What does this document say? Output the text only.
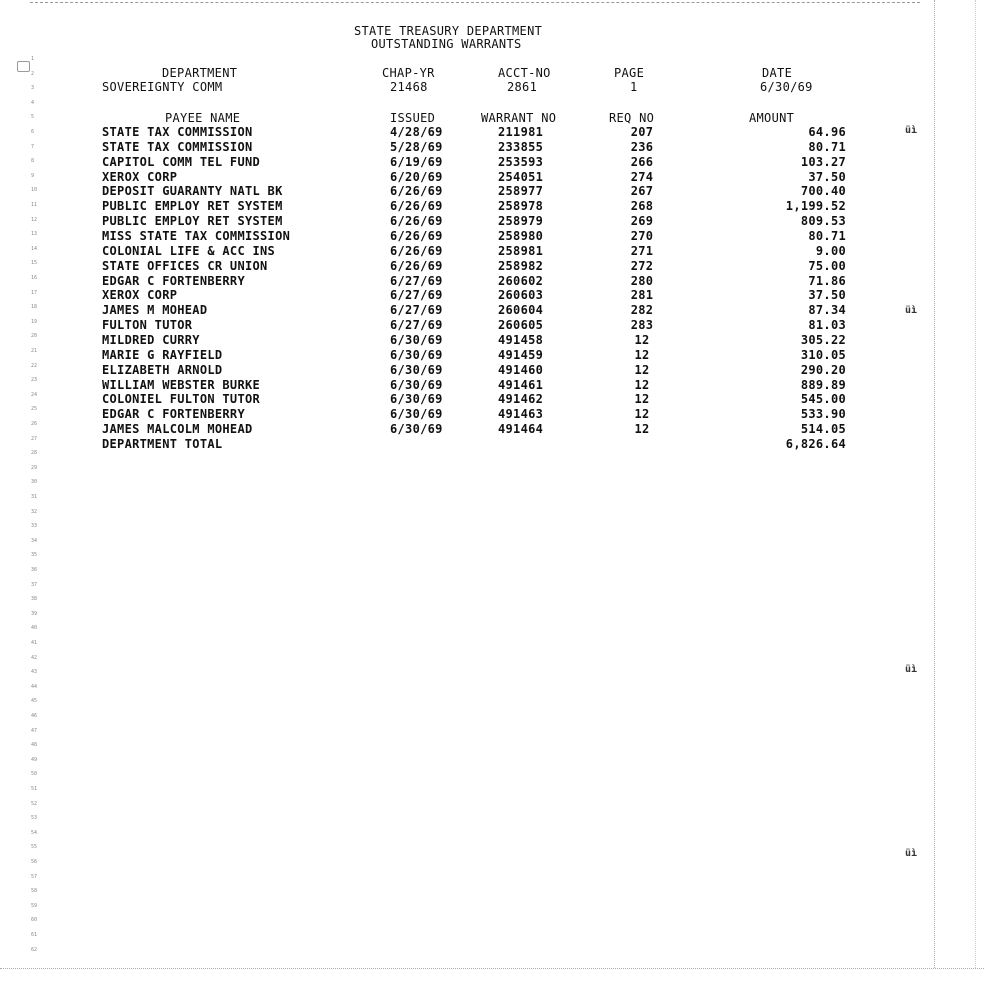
STATE TREASURY DEPARTMENT
OUTSTANDING WARRANTS
DEPARTMENT	CHAP-YR	ACCT-NO	PAGE	DATE
SOVEREIGNTY COMM	21468	2861	1	6/30/69
PAYEE NAME	ISSUED	WARRANT NO	REQ NO	AMOUNT
STATE TAX COMMISSION	4/28/69	211981	207	64.96
STATE TAX COMMISSION	5/28/69	233855	236	80.71
CAPITOL COMM TEL FUND	6/19/69	253593	266	103.27
XEROX CORP	6/20/69	254051	274	37.50
DEPOSIT GUARANTY NATL BK	6/26/69	258977	267	700.40
PUBLIC EMPLOY RET SYSTEM	6/26/69	258978	268	1,199.52
PUBLIC EMPLOY RET SYSTEM	6/26/69	258979	269	809.53
MISS STATE TAX COMMISSION	6/26/69	258980	270	80.71
COLONIAL LIFE & ACC INS	6/26/69	258981	271	9.00
STATE OFFICES CR UNION	6/26/69	258982	272	75.00
EDGAR C FORTENBERRY	6/27/69	260602	280	71.86
XEROX CORP	6/27/69	260603	281	37.50
JAMES M MOHEAD	6/27/69	260604	282	87.34
FULTON TUTOR	6/27/69	260605	283	81.03
MILDRED CURRY	6/30/69	491458	12	305.22
MARIE G RAYFIELD	6/30/69	491459	12	310.05
ELIZABETH ARNOLD	6/30/69	491460	12	290.20
WILLIAM WEBSTER BURKE	6/30/69	491461	12	889.89
COLONIEL FULTON TUTOR	6/30/69	491462	12	545.00
EDGAR C FORTENBERRY	6/30/69	491463	12	533.90
JAMES MALCOLM MOHEAD	6/30/69	491464	12	514.05
DEPARTMENT TOTAL	6,826.64
1
2
3
4
5
6
7
8
9
10
11
12
13
14
15
16
17
18
19
20
21
22
23
24
25
26
27
28
29
30
31
32
33
34
35
36
37
38
39
40
41
42
43
44
45
46
47
48
49
50
51
52
53
54
55
56
57
58
59
60
61
62
üì
üì
üì
üì
